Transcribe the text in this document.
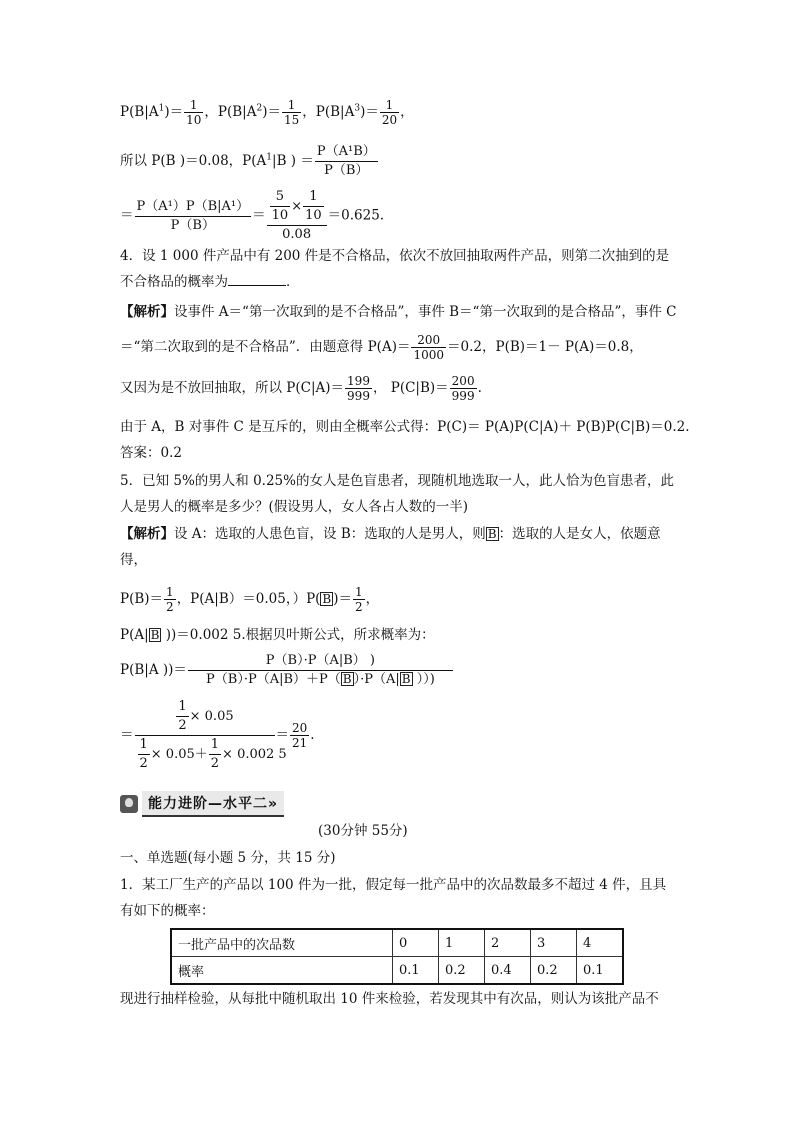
$P(B|A^1)= \frac{1}{10}$ ，$P(B|A^2)= \frac{1}{15}$ ，$P(B|A^3)= \frac{1}{20}$ ，
所以 P(B )＝0.08，$P(A^1|B$ ) ＝ $\frac{\text{P（A¹B）}}{P(B)}$
＝ $\frac{\text{P（A¹）P（B|A¹）}}{P(B)} = \frac{\frac{5}{10} \times \frac{1}{10}}{0.08} =0.625$.
4．设 1 000 件产品中有 200 件是不合格品，依次不放回抽取两件产品，则第二次抽到的是
不合格品的概率为	．
【解析】设事件 A＝“第一次取到的是不合格品”，事件 B＝“第一次取到的是合格品”，事件 C
＝“第二次取到的是不合格品”．由题意得 $P(A)= \frac{200}{1000} =0.2$，P(B)＝1－ P(A)＝0.8，
又因为是不放回抽取，所以 $P(C|A)= \frac{199}{999}$ ， $P(C|B)= \frac{200}{999}$ .
由于 A，B 对事件 C 是互斥的，则由全概率公式得：P(C)＝ P(A)P(C|A)＋ P(B)P(C|B)＝0.2.
答案：0.2
5．已知 5%的男人和 0.25%的女人是色盲患者，现随机地选取一人，此人恰为色盲患者，此
人是男人的概率是多少？(假设男人，女人各占人数的一半)
【解析】设 A：选取的人患色盲，设 B：选取的人是男人，则 B ：选取的人是女人，依题意
得，
$P(B)= \frac{1}{2}$ ，P(A|B）＝0.05，）P( B )＝ $\frac{1}{2}$ ，
P(A| B ))＝0.002 5.根据贝叶斯公式，所求概率为：
P(B|A ))＝ $\frac{P(B)\cdot P(A|B) )}{P(B)\cdot P(A|B)+P( B )\cdot P(A| B )))}$
＝ $\frac{\frac{1}{2} \times 0.05}{\frac{1}{2} \times 0.05+ \frac{1}{2} \times 0.002 5} = \frac{20}{21}$ .
能力进阶—水平二»
(30分钟 55分)
一、单选题(每小题 5 分，共 15 分)
1．某工厂生产的产品以 100 件为一批，假定每一批产品中的次品数最多不超过 4 件，且具
有如下的概率：
一批产品中的次品数	0	1	2	3	4
概率	0.1	0.2	0.4	0.2	0.1
现进行抽样检验，从每批中随机取出 10 件来检验，若发现其中有次品，则认为该批产品不
